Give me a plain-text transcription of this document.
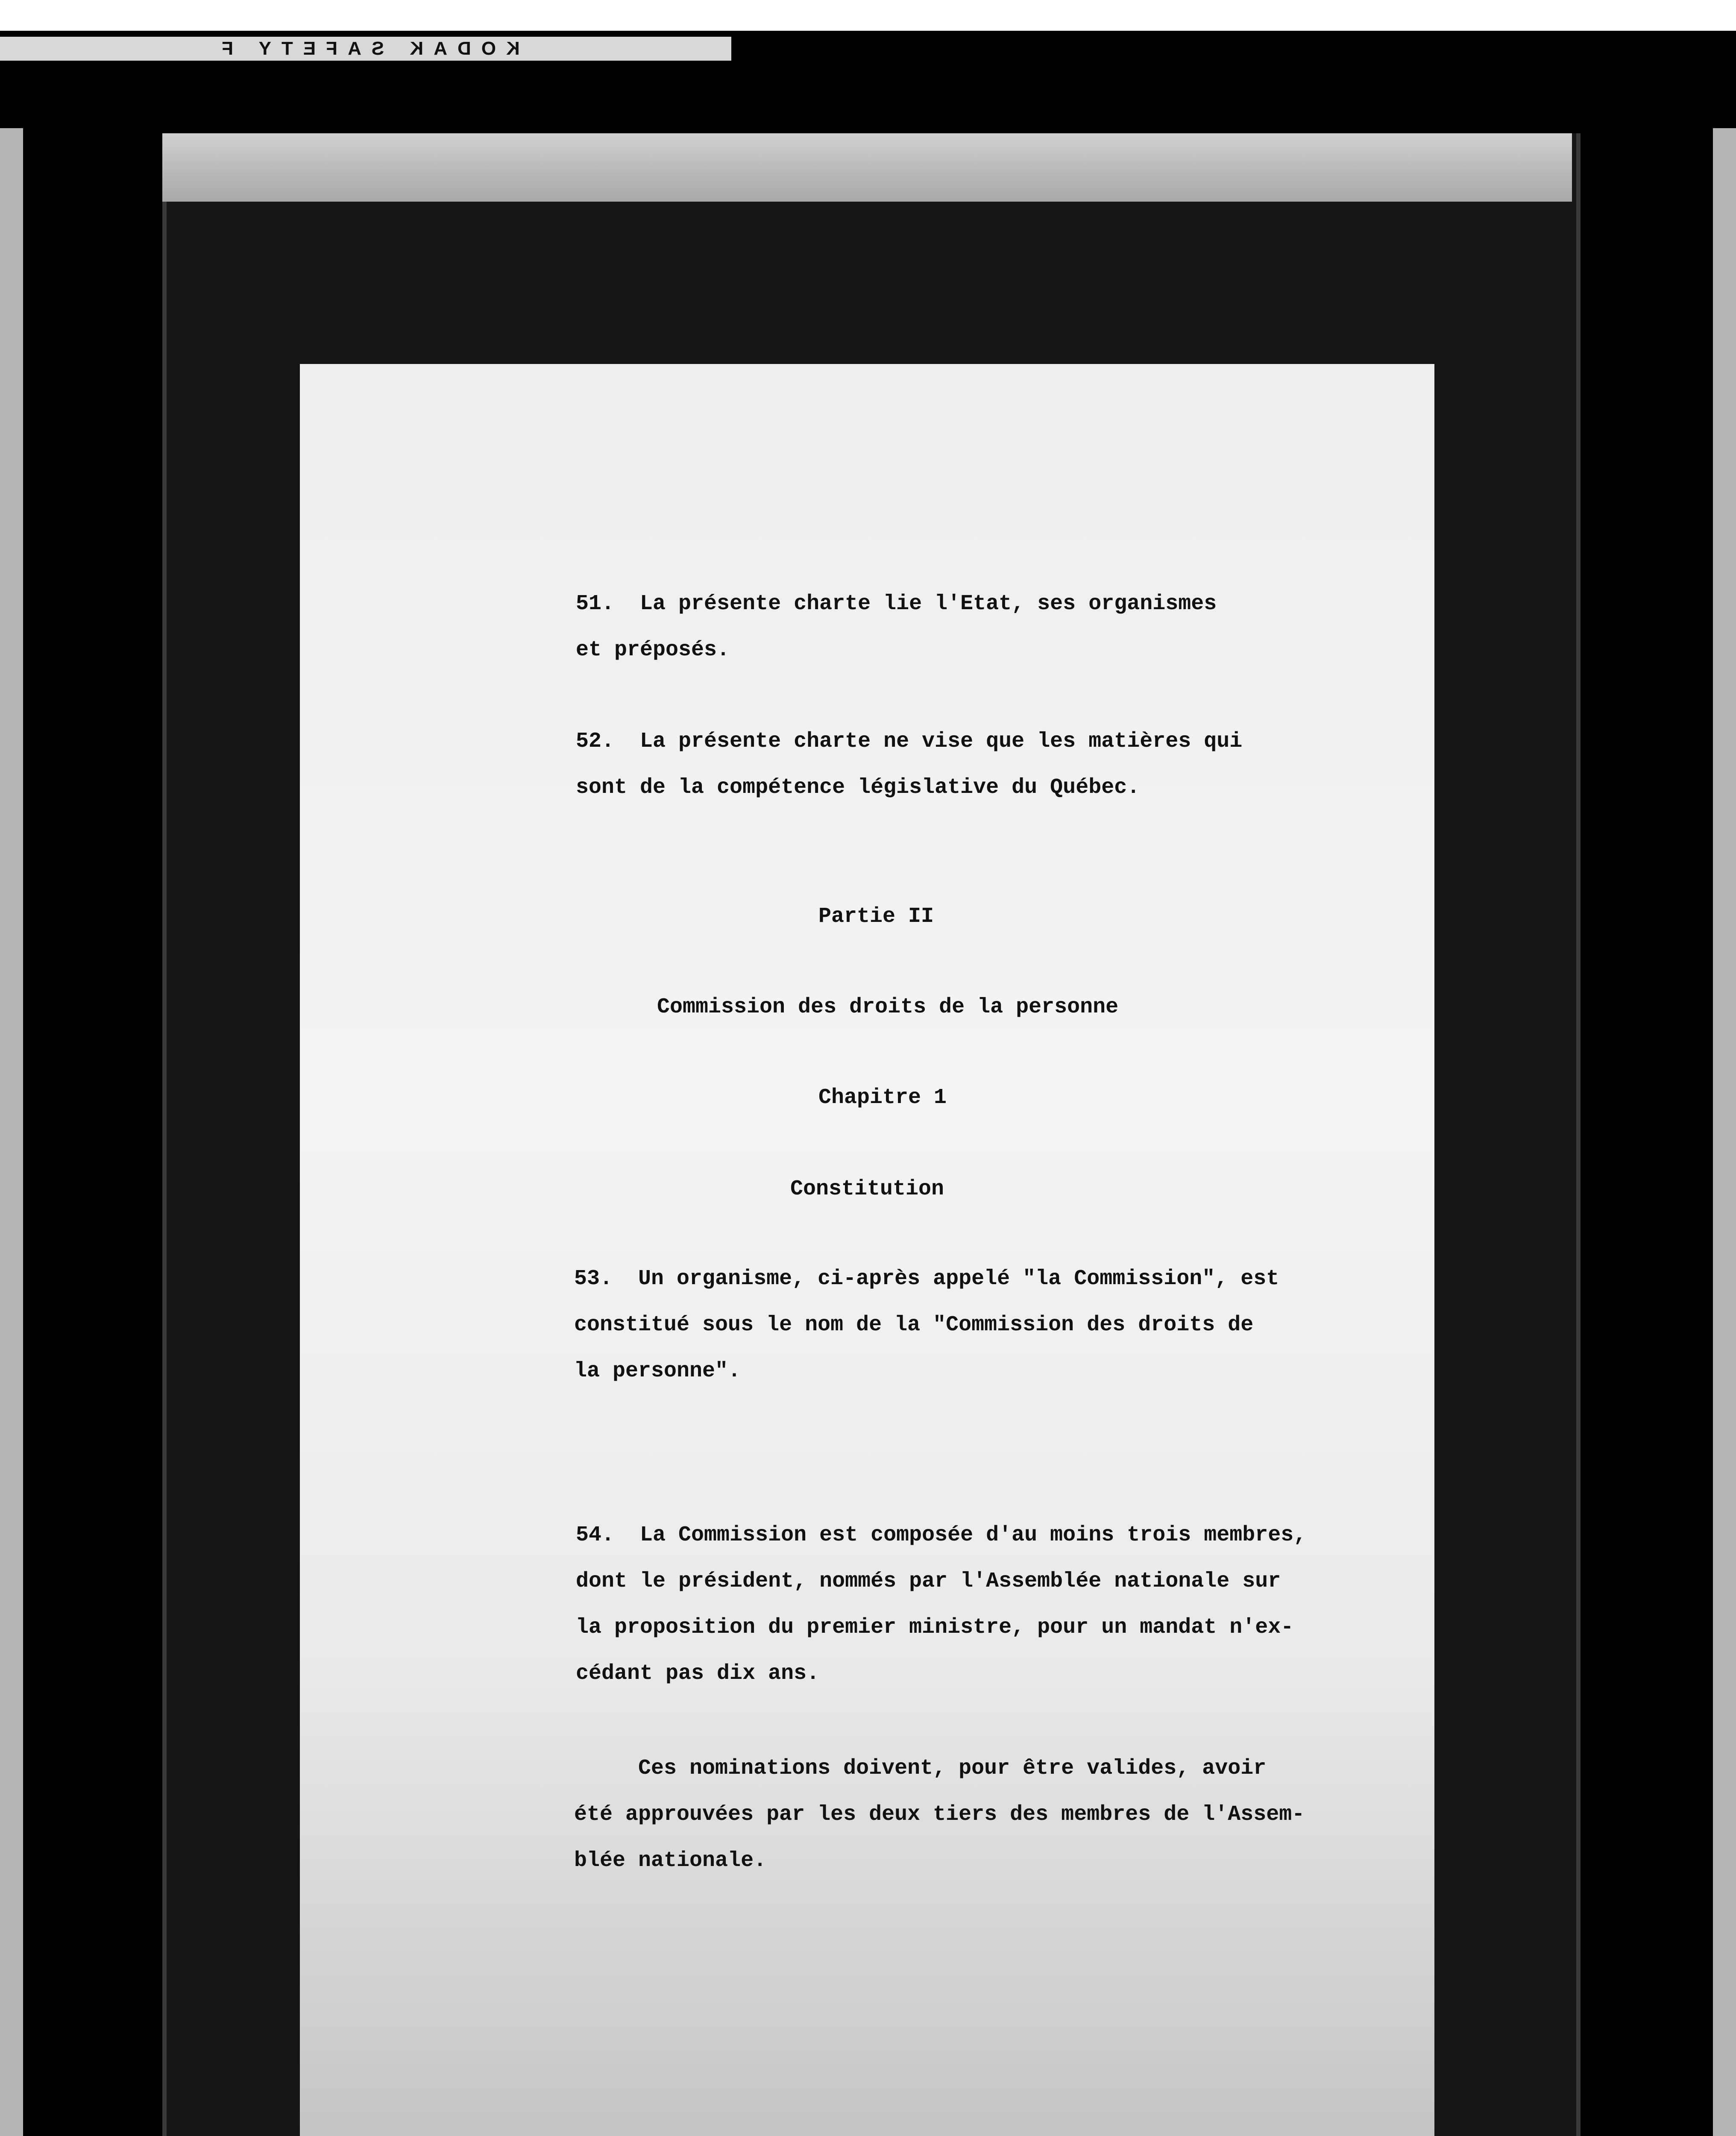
KODAK SAFETY F

51.  La présente charte lie l'Etat, ses organismes

et préposés.

52.  La présente charte ne vise que les matières qui

sont de la compétence législative du Québec.

Partie II

Commission des droits de la personne

Chapitre 1

Constitution

53.  Un organisme, ci-après appelé "la Commission", est

constitué sous le nom de la "Commission des droits de

la personne".

54.  La Commission est composée d'au moins trois membres,

dont le président, nommés par l'Assemblée nationale sur

la proposition du premier ministre, pour un mandat n'ex-

cédant pas dix ans.

Ces nominations doivent, pour être valides, avoir

été approuvées par les deux tiers des membres de l'Assem-

blée nationale.
